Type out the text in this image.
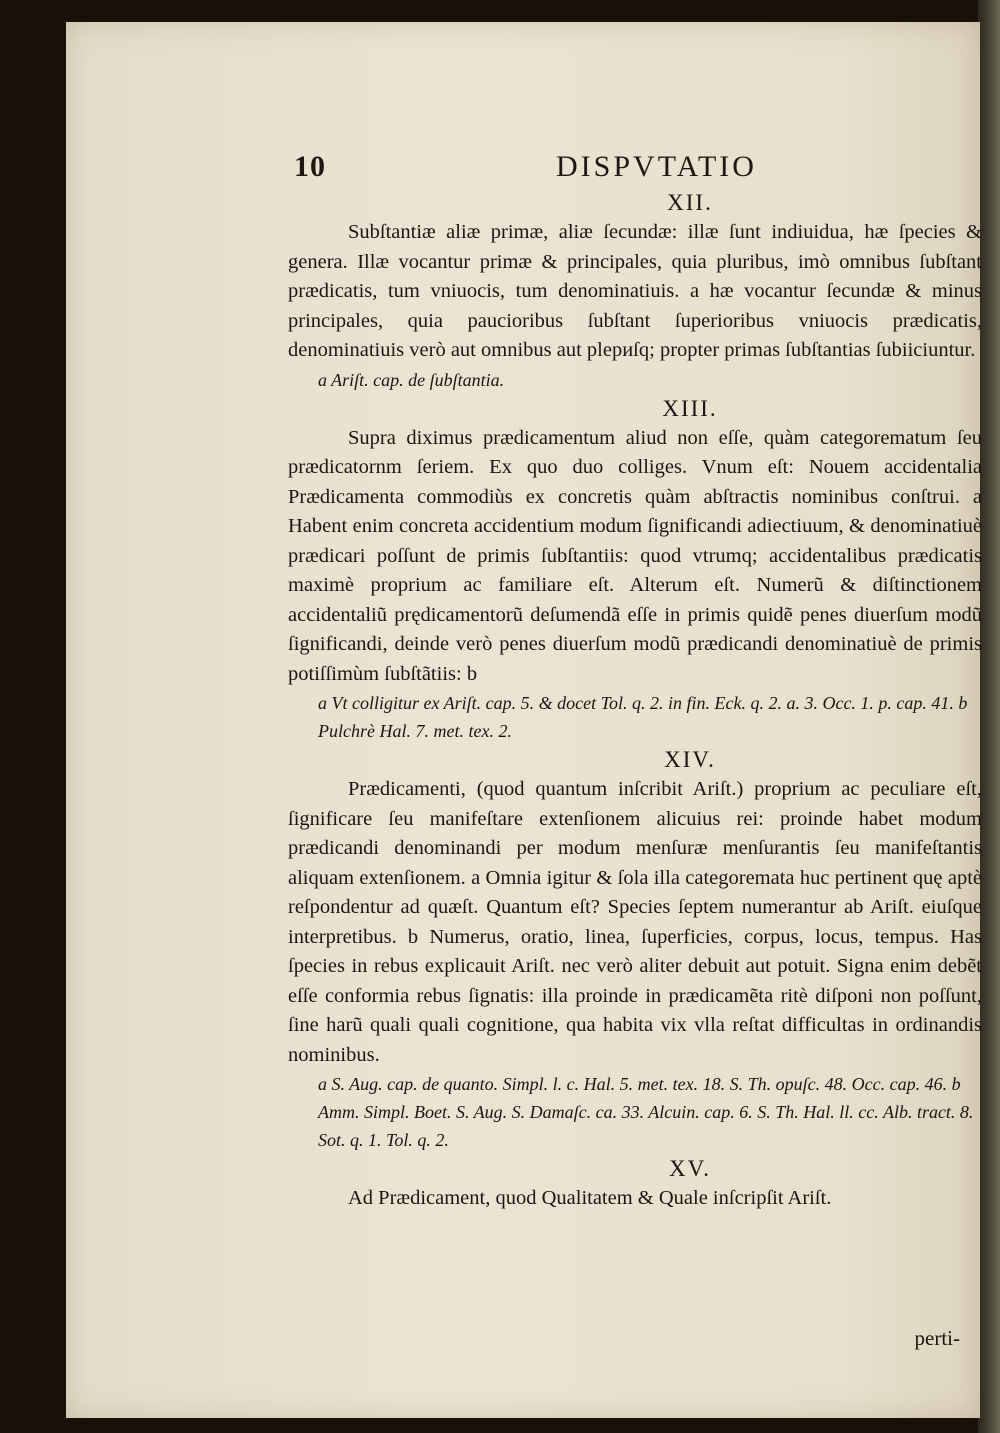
10	DISPVTATIO
XII.

Subſtantiæ aliæ primæ, aliæ ſecundæ: illæ ſunt indiuidua, hæ ſpecies & genera. Illæ vocantur primæ & principales, quia pluribus, imò omnibus ſubſtant prædicatis, tum vniuocis, tum denominatiuis. a hæ vocantur ſecundæ & minus principales, quia paucioribus ſubſtant ſuperioribus vniuocis prædicatis, denominatiuis verò aut omnibus aut plериſq; propter primas ſubſtantias ſubiiciuntur.

a Ariſt. cap. de ſubſtantia.

XIII.

Supra diximus prædicamentum aliud non eſſe, quàm categorematum ſeu prædicatornm ſeriem. Ex quo duo colliges. Vnum eſt: Nouem accidentalia Prædicamenta commodiùs ex concretis quàm abſtractis nominibus conſtrui. a Habent enim concreta accidentium modum ſignificandi adiectiuum, & denominatiuè prædicari poſſunt de primis ſubſtantiis: quod vtrumq; accidentalibus prædicatis maximè proprium ac familiare eſt. Alterum eſt. Numerũ & diſtinctionem accidentaliũ prędicamentorũ deſumendã eſſe in primis quidẽ penes diuerſum modũ ſignificandi, deinde verò penes diuerſum modũ prædicandi denominatiuè de primis potiſſimùm ſubſtãtiis: b

a Vt colligitur ex Ariſt. cap. 5. & docet Tol. q. 2. in fin. Eck. q. 2. a. 3. Occ. 1. p. cap. 41. b Pulchrè Hal. 7. met. tex. 2.

XIV.

Prædicamenti, (quod quantum inſcribit Ariſt.) proprium ac peculiare eſt, ſignificare ſeu manifeſtare extenſionem alicuius rei: proinde habet modum prædicandi denominandi per modum menſuræ menſurantis ſeu manifeſtantis aliquam extenſionem. a Omnia igitur & ſola illa categoremata huc pertinent quę aptè reſpondentur ad quæſt. Quantum eſt? Species ſeptem numerantur ab Ariſt. eiuſque interpretibus. b Numerus, oratio, linea, ſuperficies, corpus, locus, tempus. Has ſpecies in rebus explicauit Ariſt. nec verò aliter debuit aut potuit. Signa enim debẽt eſſe conformia rebus ſignatis: illa proinde in prædicamẽta ritè diſponi non poſſunt, ſine harũ quali quali cognitione, qua habita vix vlla reſtat difficultas in ordinandis nominibus.

a S. Aug. cap. de quanto. Simpl. l. c. Hal. 5. met. tex. 18. S. Th. opuſc. 48. Occ. cap. 46. b Amm. Simpl. Boet. S. Aug. S. Damaſc. ca. 33. Alcuin. cap. 6. S. Th. Hal. ll. cc. Alb. tract. 8. Sot. q. 1. Tol. q. 2.

XV.

Ad Prædicament, quod Qualitatem & Quale inſcripſit Ariſt.

perti-
